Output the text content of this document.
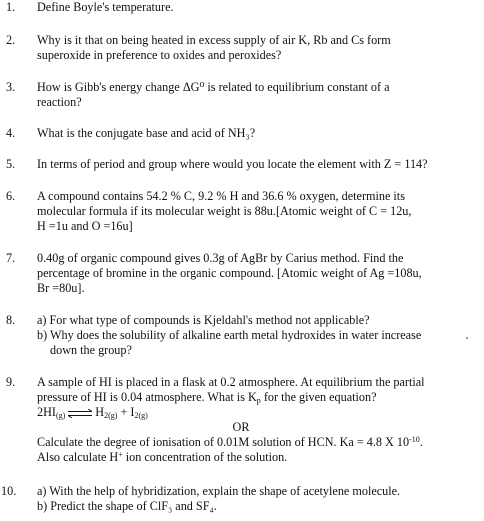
1.	Define Boyle's temperature.
2.	Why is it that on being heated in excess supply of air K, Rb and Cs form
superoxide in preference to oxides and peroxides?
3.	How is Gibb's energy change ΔG⁰ is related to equilibrium constant of a
reaction?
4.	What is the conjugate base and acid of NH₃?
5.	In terms of period and group where would you locate the element with Z = 114?
6.	A compound contains 54.2 % C, 9.2 % H and 36.6 % oxygen, determine its
molecular formula if its molecular weight is 88u.[Atomic weight of C = 12u,
H =1u and O =16u]
7.	0.40g of organic compound gives 0.3g of AgBr by Carius method. Find the
percentage of bromine in the organic compound. [Atomic weight of Ag =108u,
Br =80u].
8.	a) For what type of compounds is Kjeldahl's method not applicable?
b) Why does the solubility of alkaline earth metal hydroxides in water increase
down the group?
9.	A sample of HI is placed in a flask at 0.2 atmosphere. At equilibrium the partial
pressure of HI is 0.04 atmosphere. What is $K_p$ for the given equation?
$2HI_{(g)}$ ⇌ $H_{2(g)} + I_{2(g)}$
OR
Calculate the degree of ionisation of 0.01M solution of HCN. Ka = 4.8 X $10^{-10}$.
Also calculate H+ ion concentration of the solution.
10.	a) With the help of hybridization, explain the shape of acetylene molecule.
b) Predict the shape of ClF₃ and SF₄.
